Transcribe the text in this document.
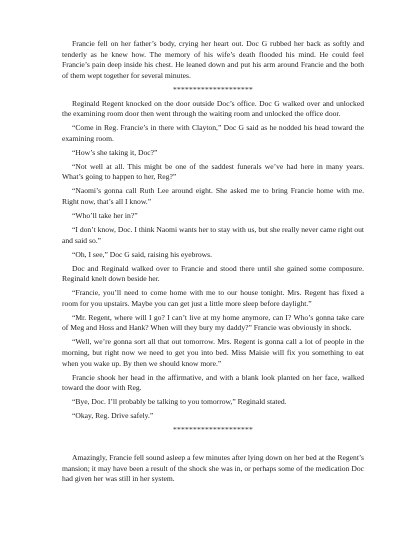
Francie fell on her father’s body, crying her heart out. Doc G rubbed her back as softly and tenderly as he knew how. The memory of his wife’s death flooded his mind. He could feel Francie’s pain deep inside his chest. He leaned down and put his arm around Francie and the both of them wept together for several minutes.

********************

Reginald Regent knocked on the door outside Doc’s office. Doc G walked over and unlocked the examining room door then went through the waiting room and unlocked the office door.

“Come in Reg. Francie’s in there with Clayton,” Doc G said as he nodded his head toward the examining room.

“How’s she taking it, Doc?”

“Not well at all. This might be one of the saddest funerals we’ve had here in many years. What’s going to happen to her, Reg?”

“Naomi’s gonna call Ruth Lee around eight. She asked me to bring Francie home with me. Right now, that’s all I know.”

“Who’ll take her in?”

“I don’t know, Doc. I think Naomi wants her to stay with us, but she really never came right out and said so.”

“Oh, I see,” Doc G said, raising his eyebrows.

Doc and Reginald walked over to Francie and stood there until she gained some composure. Reginald knelt down beside her.

“Francie, you’ll need to come home with me to our house tonight. Mrs. Regent has fixed a room for you upstairs. Maybe you can get just a little more sleep before daylight.”

“Mr. Regent, where will I go? I can’t live at my home anymore, can I? Who’s gonna take care of Meg and Hoss and Hank? When will they bury my daddy?” Francie was obviously in shock.

“Well, we’re gonna sort all that out tomorrow. Mrs. Regent is gonna call a lot of people in the morning, but right now we need to get you into bed. Miss Maisie will fix you something to eat when you wake up. By then we should know more.”

Francie shook her head in the affirmative, and with a blank look planted on her face, walked toward the door with Reg.

“Bye, Doc. I’ll probably be talking to you tomorrow,” Reginald stated.

“Okay, Reg. Drive safely.”

********************

Amazingly, Francie fell sound asleep a few minutes after lying down on her bed at the Regent’s mansion; it may have been a result of the shock she was in, or perhaps some of the medication Doc had given her was still in her system.
